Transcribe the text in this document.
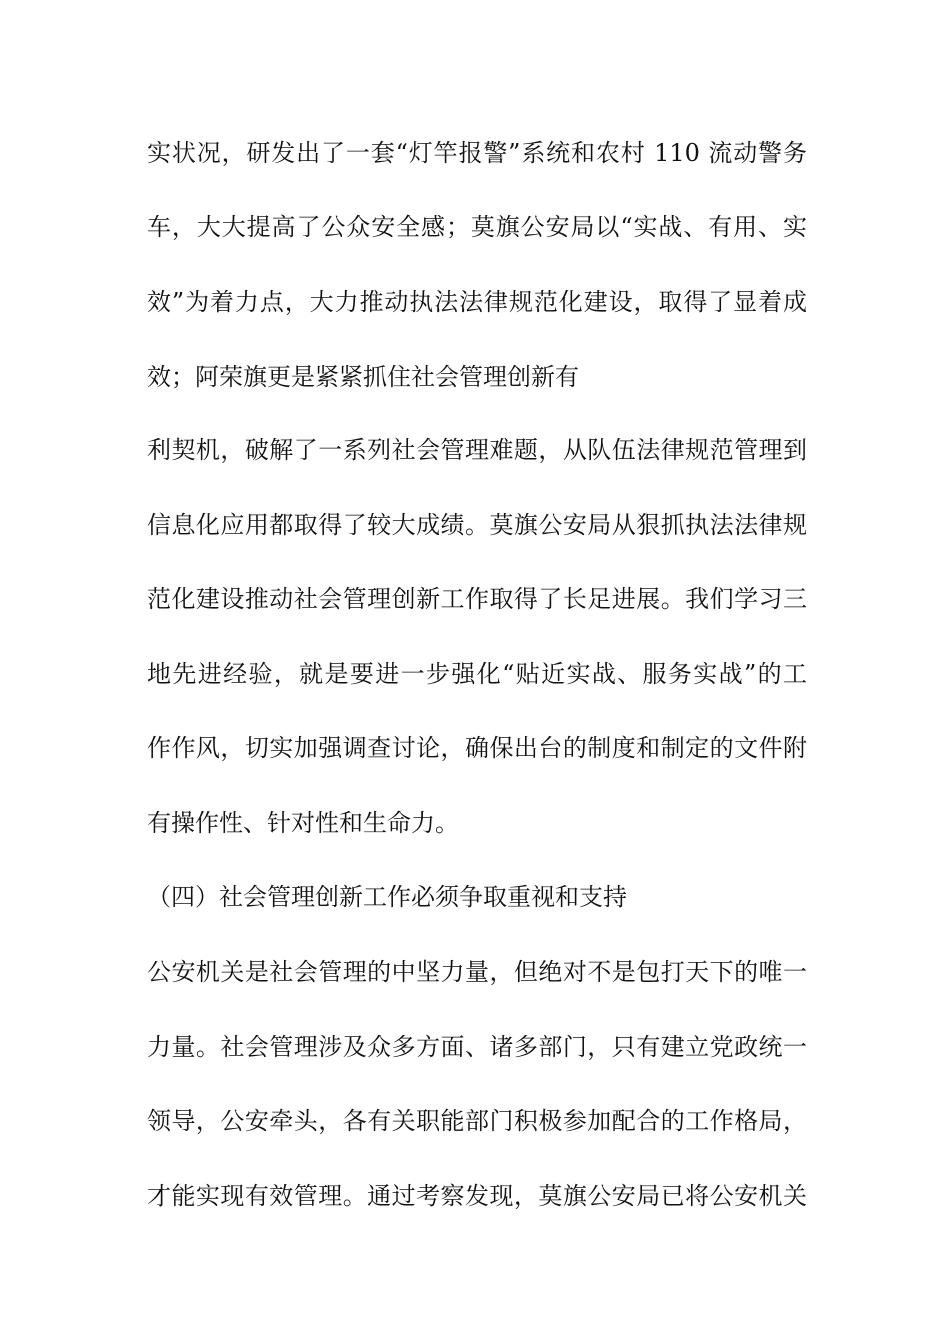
实状况，研发出了一套“灯竿报警”系统和农村 110 流动警务
车，大大提高了公众安全感；莫旗公安局以“实战、有用、实
效”为着力点，大力推动执法法律规范化建设，取得了显着成
效；阿荣旗更是紧紧抓住社会管理创新有
利契机，破解了一系列社会管理难题，从队伍法律规范管理到
信息化应用都取得了较大成绩。莫旗公安局从狠抓执法法律规
范化建设推动社会管理创新工作取得了长足进展。我们学习三
地先进经验，就是要进一步强化“贴近实战、服务实战”的工
作作风，切实加强调查讨论，确保出台的制度和制定的文件附
有操作性、针对性和生命力。
（四）社会管理创新工作必须争取重视和支持
公安机关是社会管理的中坚力量，但绝对不是包打天下的唯一
力量。社会管理涉及众多方面、诸多部门，只有建立党政统一
领导，公安牵头，各有关职能部门积极参加配合的工作格局，
才能实现有效管理。通过考察发现，莫旗公安局已将公安机关
